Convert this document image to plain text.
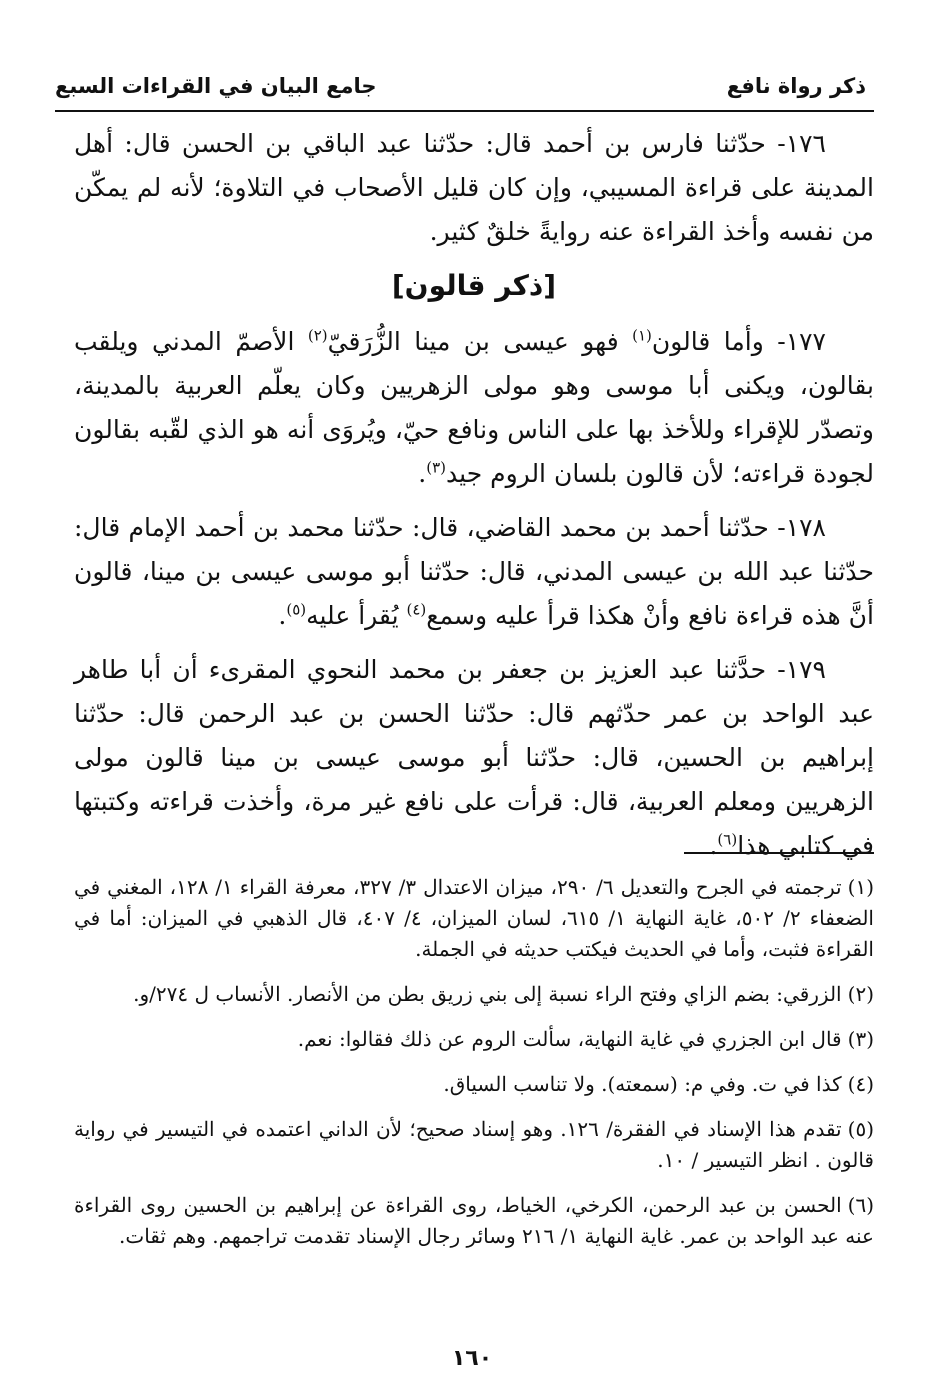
ذكر رواة نافع
جامع البيان في القراءات السبع

١٧٦- حدّثنا فارس بن أحمد قال: حدّثنا عبد الباقي بن الحسن قال: أهل المدينة على قراءة المسيبي، وإن كان قليل الأصحاب في التلاوة؛ لأنه لم يمكّن من نفسه وأخذ القراءة عنه روايةً خلقٌ كثير.

[ذكر قالون]

١٧٧- وأما قالون$^{(١)}$ فهو عيسى بن مينا الزُّرَقيّ$^{(٢)}$ الأصمّ المدني ويلقب بقالون، ويكنى أبا موسى وهو مولى الزهريين وكان يعلّم العربية بالمدينة، وتصدّر للإقراء وللأخذ بها على الناس ونافع حيّ، ويُروَى أنه هو الذي لقّبه بقالون لجودة قراءته؛ لأن قالون بلسان الروم جيد$^{(٣)}$.

١٧٨- حدّثنا أحمد بن محمد القاضي، قال: حدّثنا محمد بن أحمد الإمام قال: حدّثنا عبد الله بن عيسى المدني، قال: حدّثنا أبو موسى عيسى بن مينا، قالون أنَّ هذه قراءة نافع وأنْ هكذا قرأ عليه وسمع$^{(٤)}$ يُقرأ عليه$^{(٥)}$.

١٧٩- حدَّثنا عبد العزيز بن جعفر بن محمد النحوي المقرىء أن أبا طاهر عبد الواحد بن عمر حدّثهم قال: حدّثنا الحسن بن عبد الرحمن قال: حدّثنا إبراهيم بن الحسين، قال: حدّثنا أبو موسى عيسى بن مينا قالون مولى الزهريين ومعلم العربية، قال: قرأت على نافع غير مرة، وأخذت قراءته وكتبتها في كتابي هذا$^{(٦)}$.

(١)ترجمته في الجرح والتعديل ٦/ ٢٩٠، ميزان الاعتدال ٣/ ٣٢٧، معرفة القراء ١/ ١٢٨، المغني في الضعفاء ٢/ ٥٠٢، غاية النهاية ١/ ٦١٥، لسان الميزان، ٤/ ٤٠٧، قال الذهبي في الميزان: أما في القراءة فثبت، وأما في الحديث فيكتب حديثه في الجملة.
(٢)الزرقي: بضم الزاي وفتح الراء نسبة إلى بني زريق بطن من الأنصار. الأنساب ل ٢٧٤/و.
(٣)قال ابن الجزري في غاية النهاية، سألت الروم عن ذلك فقالوا: نعم.
(٤)كذا في ت. وفي م: (سمعته). ولا تناسب السياق.
(٥)تقدم هذا الإسناد في الفقرة/ ١٢٦. وهو إسناد صحيح؛ لأن الداني اعتمده في التيسير في رواية قالون . انظر التيسير / ١٠.
(٦)الحسن بن عبد الرحمن، الكرخي، الخياط، روى القراءة عن إبراهيم بن الحسين روى القراءة عنه عبد الواحد بن عمر. غاية النهاية ١/ ٢١٦ وسائر رجال الإسناد تقدمت تراجمهم. وهم ثقات.
١٦٠
